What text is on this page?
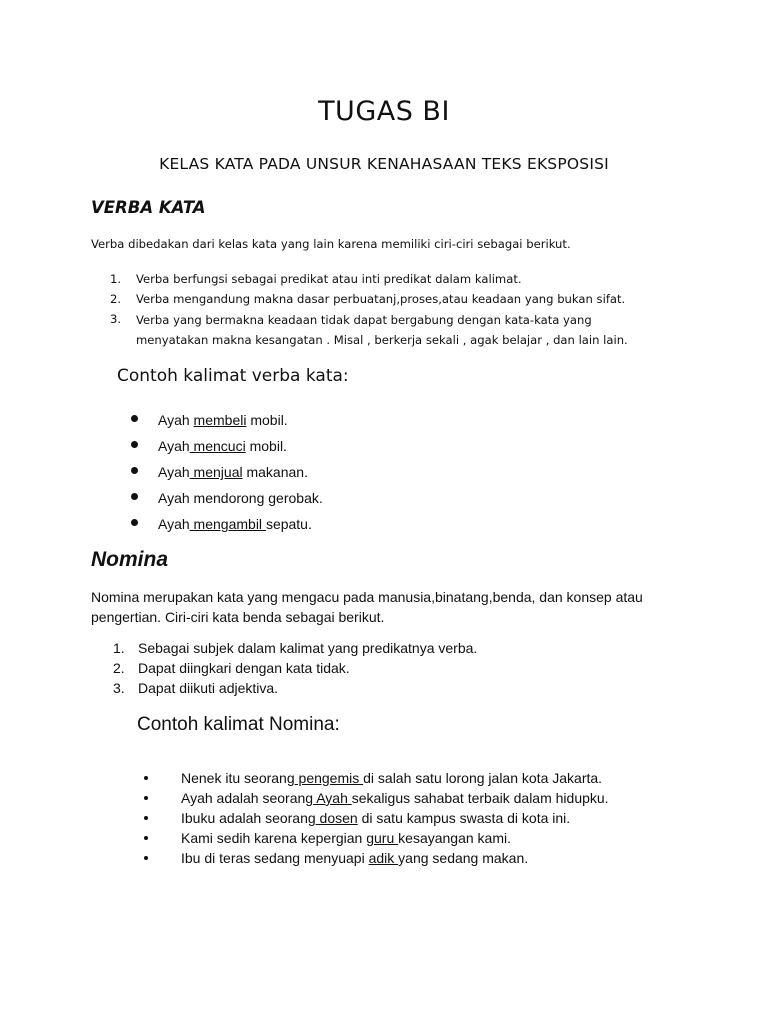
TUGAS BI
KELAS KATA PADA UNSUR KENAHASAAN TEKS EKSPOSISI
VERBA KATA
Verba dibedakan dari kelas kata yang lain karena memiliki ciri-ciri sebagai berikut.
1.	Verba berfungsi sebagai predikat atau inti predikat dalam kalimat.
2.	Verba mengandung makna dasar perbuatanj,proses,atau keadaan yang bukan sifat.
3.	Verba yang bermakna keadaan tidak dapat bergabung dengan kata-kata yang menyatakan makna kesangatan . Misal , berkerja sekali , agak belajar , dan lain lain.
Contoh kalimat verba kata:
Ayah membeli mobil.
Ayah mencuci mobil.
Ayah menjual makanan.
Ayah mendorong gerobak.
Ayah mengambil sepatu.
Nomina
Nomina merupakan kata yang mengacu pada manusia,binatang,benda, dan konsep atau pengertian. Ciri-ciri kata benda sebagai berikut.
1. Sebagai subjek dalam kalimat yang predikatnya verba.
2. Dapat diingkari dengan kata tidak.
3. Dapat diikuti adjektiva.
Contoh kalimat Nomina:
Nenek itu seorang pengemis di salah satu lorong jalan kota Jakarta.
Ayah adalah seorang Ayah sekaligus sahabat terbaik dalam hidupku.
Ibuku adalah seorang dosen di satu kampus swasta di kota ini.
Kami sedih karena kepergian guru kesayangan kami.
Ibu di teras sedang menyuapi adik yang sedang makan.
